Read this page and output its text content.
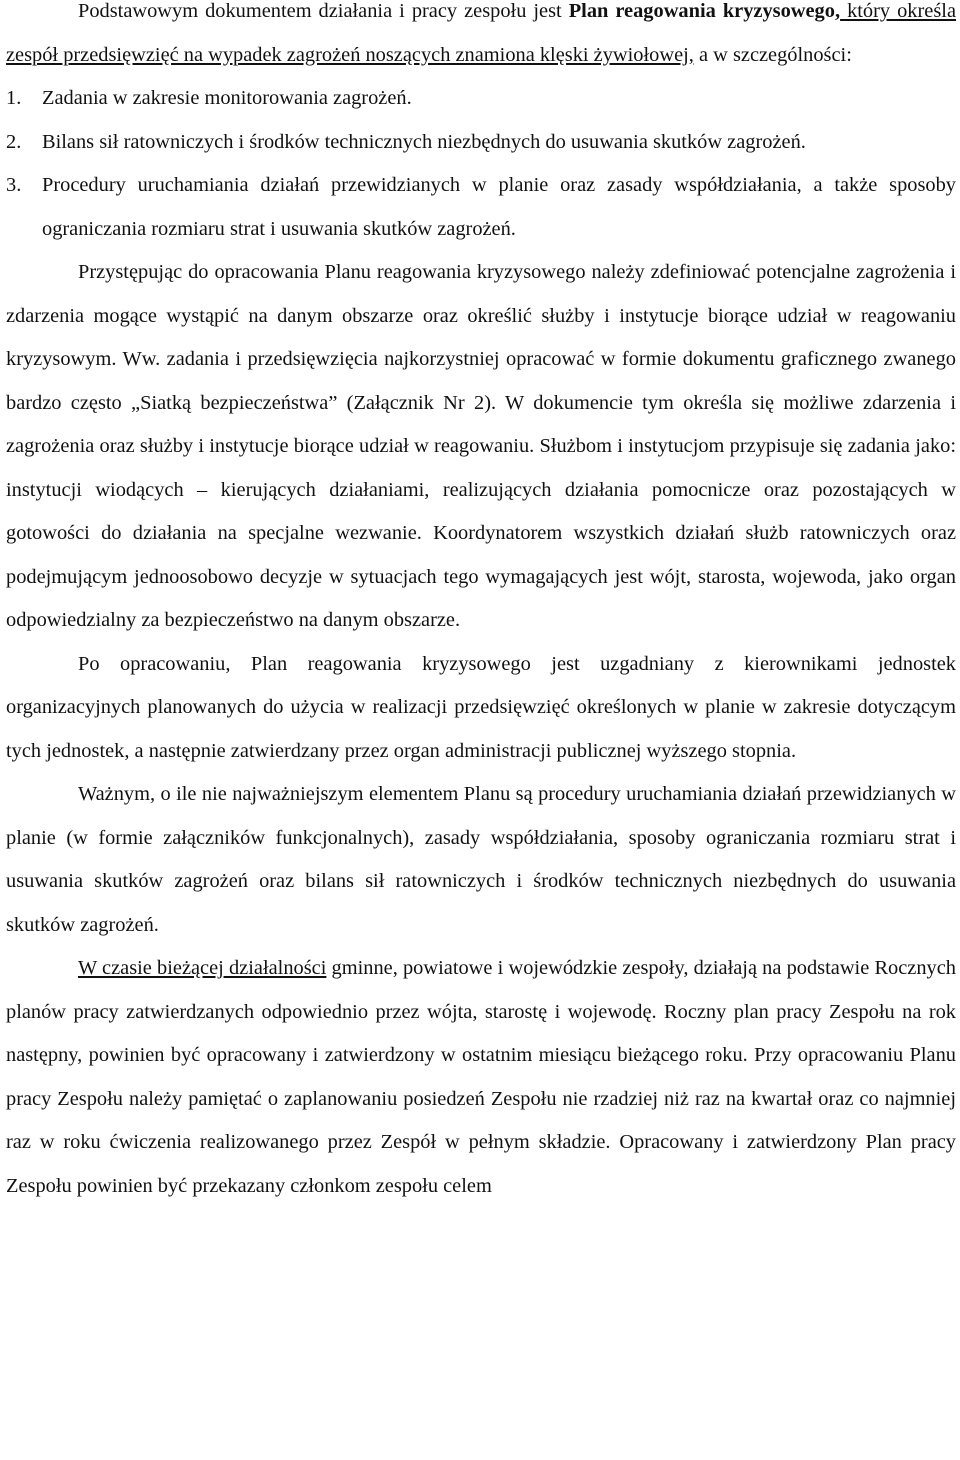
Podstawowym dokumentem działania i pracy zespołu jest Plan reagowania kryzysowego, który określa zespół przedsięwzięć na wypadek zagrożeń noszących znamiona klęski żywiołowej, a w szczególności:

1. Zadania w zakresie monitorowania zagrożeń.

2. Bilans sił ratowniczych i środków technicznych niezbędnych do usuwania skutków zagrożeń.

3. Procedury uruchamiania działań przewidzianych w planie oraz zasady współdziałania, a także sposoby ograniczania rozmiaru strat i usuwania skutków zagrożeń.

Przystępując do opracowania Planu reagowania kryzysowego należy zdefiniować potencjalne zagrożenia i zdarzenia mogące wystąpić na danym obszarze oraz określić służby i instytucje biorące udział w reagowaniu kryzysowym. Ww. zadania i przedsięwzięcia najkorzystniej opracować w formie dokumentu graficznego zwanego bardzo często „Siatką bezpieczeństwa” (Załącznik Nr 2). W dokumencie tym określa się możliwe zdarzenia i zagrożenia oraz służby i instytucje biorące udział w reagowaniu. Służbom i instytucjom przypisuje się zadania jako: instytucji wiodących – kierujących działaniami, realizujących działania pomocnicze oraz pozostających w gotowości do działania na specjalne wezwanie. Koordynatorem wszystkich działań służb ratowniczych oraz podejmującym jednoosobowo decyzje w sytuacjach tego wymagających jest wójt, starosta, wojewoda, jako organ odpowiedzialny za bezpieczeństwo na danym obszarze.

Po opracowaniu, Plan reagowania kryzysowego jest uzgadniany z kierownikami jednostek organizacyjnych planowanych do użycia w realizacji przedsięwzięć określonych w planie w zakresie dotyczącym tych jednostek, a następnie zatwierdzany przez organ administracji publicznej wyższego stopnia.

Ważnym, o ile nie najważniejszym elementem Planu są procedury uruchamiania działań przewidzianych w planie (w formie załączników funkcjonalnych), zasady współdziałania, sposoby ograniczania rozmiaru strat i usuwania skutków zagrożeń oraz bilans sił ratowniczych i środków technicznych niezbędnych do usuwania skutków zagrożeń.

W czasie bieżącej działalności gminne, powiatowe i wojewódzkie zespoły, działają na podstawie Rocznych planów pracy zatwierdzanych odpowiednio przez wójta, starostę i wojewodę. Roczny plan pracy Zespołu na rok następny, powinien być opracowany i zatwierdzony w ostatnim miesiącu bieżącego roku. Przy opracowaniu Planu pracy Zespołu należy pamiętać o zaplanowaniu posiedzeń Zespołu nie rzadziej niż raz na kwartał oraz co najmniej raz w roku ćwiczenia realizowanego przez Zespół w pełnym składzie. Opracowany i zatwierdzony Plan pracy Zespołu powinien być przekazany członkom zespołu celem
